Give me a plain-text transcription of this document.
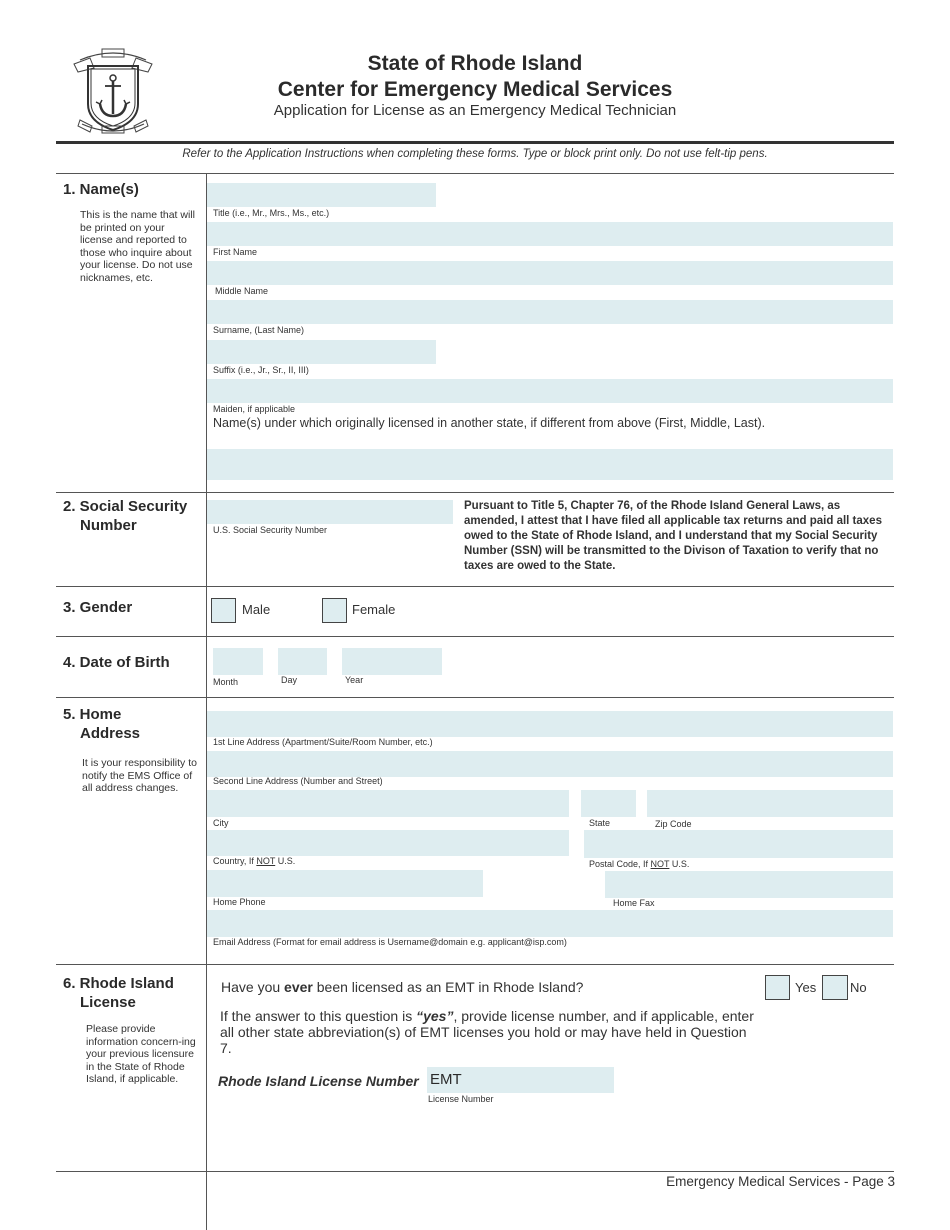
State of Rhode Island
Center for Emergency Medical Services
Application for License as an Emergency Medical Technician
Refer to the Application Instructions when completing these forms. Type or block print only. Do not use felt-tip pens.
1. Name(s)
This is the name that will be printed on your license and reported to those who inquire about your license. Do not use nicknames, etc.
Title (i.e., Mr., Mrs., Ms., etc.)
First Name
Middle Name
Surname, (Last Name)
Suffix (i.e., Jr., Sr., II, III)
Maiden, if applicable
Name(s) under which originally licensed in another state, if different from above (First, Middle, Last).
2. Social Security
Number	U.S. Social Security Number
Pursuant to Title 5, Chapter 76, of the Rhode Island General Laws, as amended, I attest that I have filed all applicable tax returns and paid all taxes owed to the State of Rhode Island, and I understand that my Social Security Number (SSN) will be transmitted to the Divison of Taxation to verify that no taxes are owed to the State.
3. Gender	Male	Female
4. Date of Birth
Month	Day	Year
5. Home
Address
It is your responsibility to notify the EMS Office of all address changes.
1st Line Address (Apartment/Suite/Room Number, etc.)
Second Line Address (Number and Street)
City	State	Zip Code
Country, If NOT U.S.	Postal Code, If NOT U.S.
Home Phone	Home Fax
Email Address (Format for email address is Username@domain e.g. applicant@isp.com)
6. Rhode Island
License
Please provide information concern-ing your previous licensure in the State of Rhode Island, if applicable.
Have you ever been licensed as an EMT in Rhode Island?	Yes	No
If the answer to this question is “yes”, provide license number, and if applicable, enter all other state abbreviation(s) of EMT licenses you hold or may have held in Question 7.
Rhode Island License Number EMT
License Number
Emergency Medical Services - Page 3
